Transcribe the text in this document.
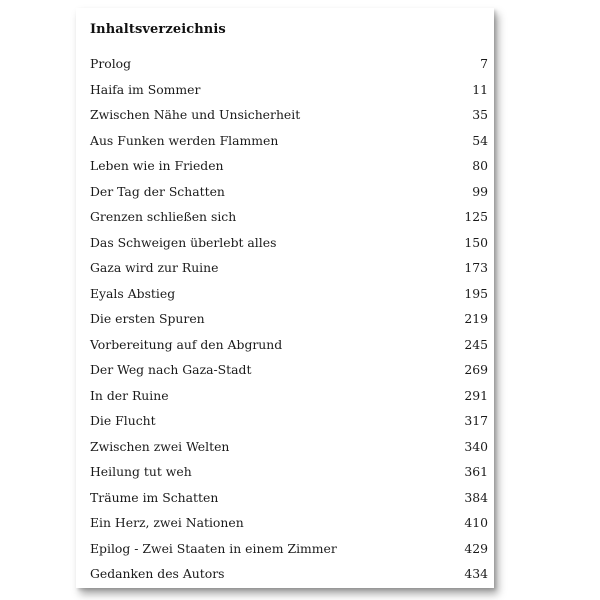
Inhaltsverzeichnis
Prolog	7
Haifa im Sommer	11
Zwischen Nähe und Unsicherheit	35
Aus Funken werden Flammen	54
Leben wie in Frieden	80
Der Tag der Schatten	99
Grenzen schließen sich	125
Das Schweigen überlebt alles	150
Gaza wird zur Ruine	173
Eyals Abstieg	195
Die ersten Spuren	219
Vorbereitung auf den Abgrund	245
Der Weg nach Gaza-Stadt	269
In der Ruine	291
Die Flucht	317
Zwischen zwei Welten	340
Heilung tut weh	361
Träume im Schatten	384
Ein Herz, zwei Nationen	410
Epilog - Zwei Staaten in einem Zimmer	429
Gedanken des Autors	434
